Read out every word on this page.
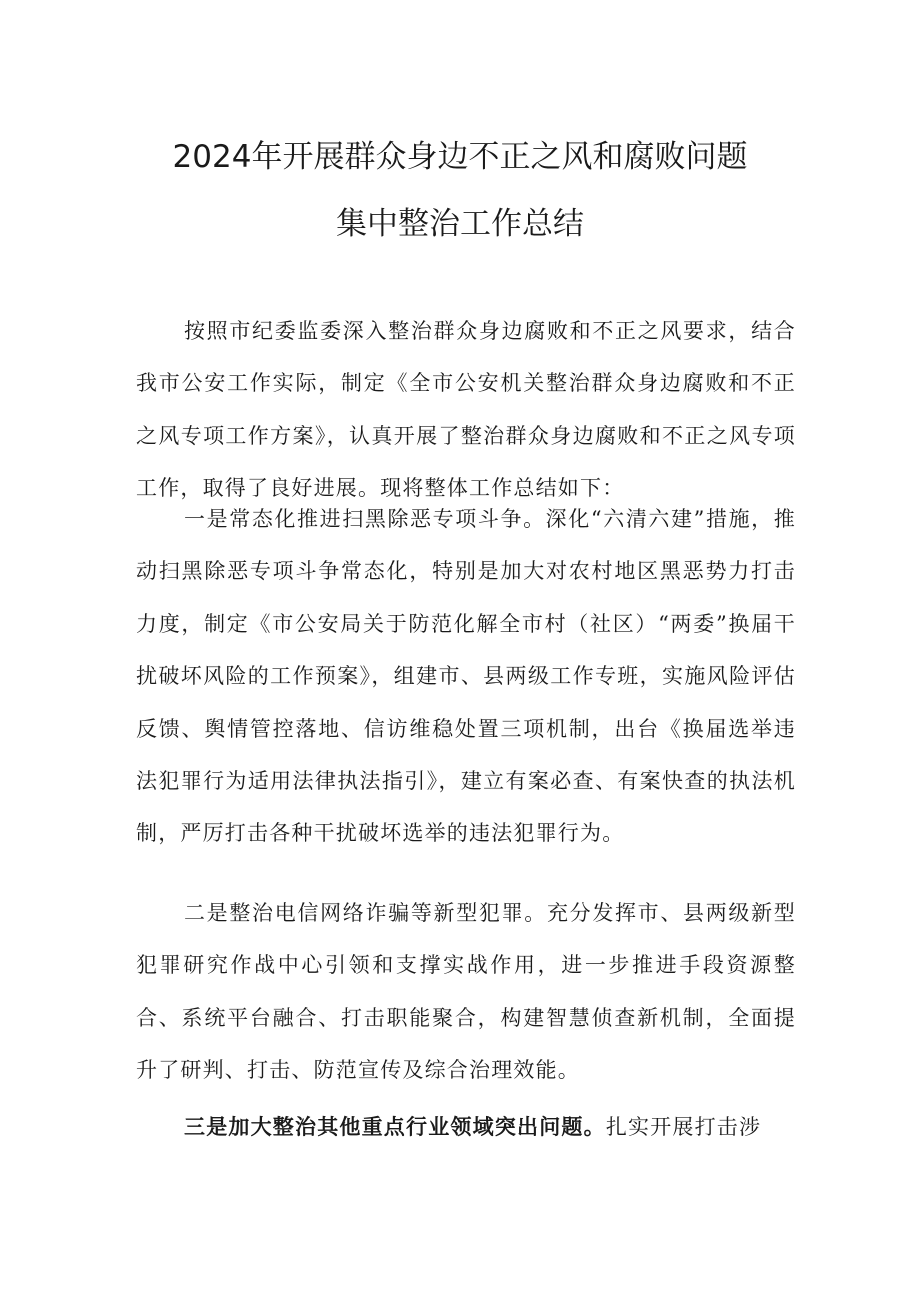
2024年开展群众身边不正之风和腐败问题
集中整治工作总结

按照市纪委监委深入整治群众身边腐败和不正之风要求，结合我市公安工作实际，制定《全市公安机关整治群众身边腐败和不正之风专项工作方案》，认真开展了整治群众身边腐败和不正之风专项工作，取得了良好进展。现将整体工作总结如下：

一是常态化推进扫黑除恶专项斗争。深化“六清六建”措施，推动扫黑除恶专项斗争常态化，特别是加大对农村地区黑恶势力打击力度，制定《市公安局关于防范化解全市村（社区）“两委”换届干扰破坏风险的工作预案》，组建市、县两级工作专班，实施风险评估反馈、舆情管控落地、信访维稳处置三项机制，出台《换届选举违法犯罪行为适用法律执法指引》，建立有案必查、有案快查的执法机制，严厉打击各种干扰破坏选举的违法犯罪行为。

二是整治电信网络诈骗等新型犯罪。充分发挥市、县两级新型犯罪研究作战中心引领和支撑实战作用，进一步推进手段资源整合、系统平台融合、打击职能聚合，构建智慧侦查新机制，全面提升了研判、打击、防范宣传及综合治理效能。

三是加大整治其他重点行业领域突出问题。扎实开展打击涉
